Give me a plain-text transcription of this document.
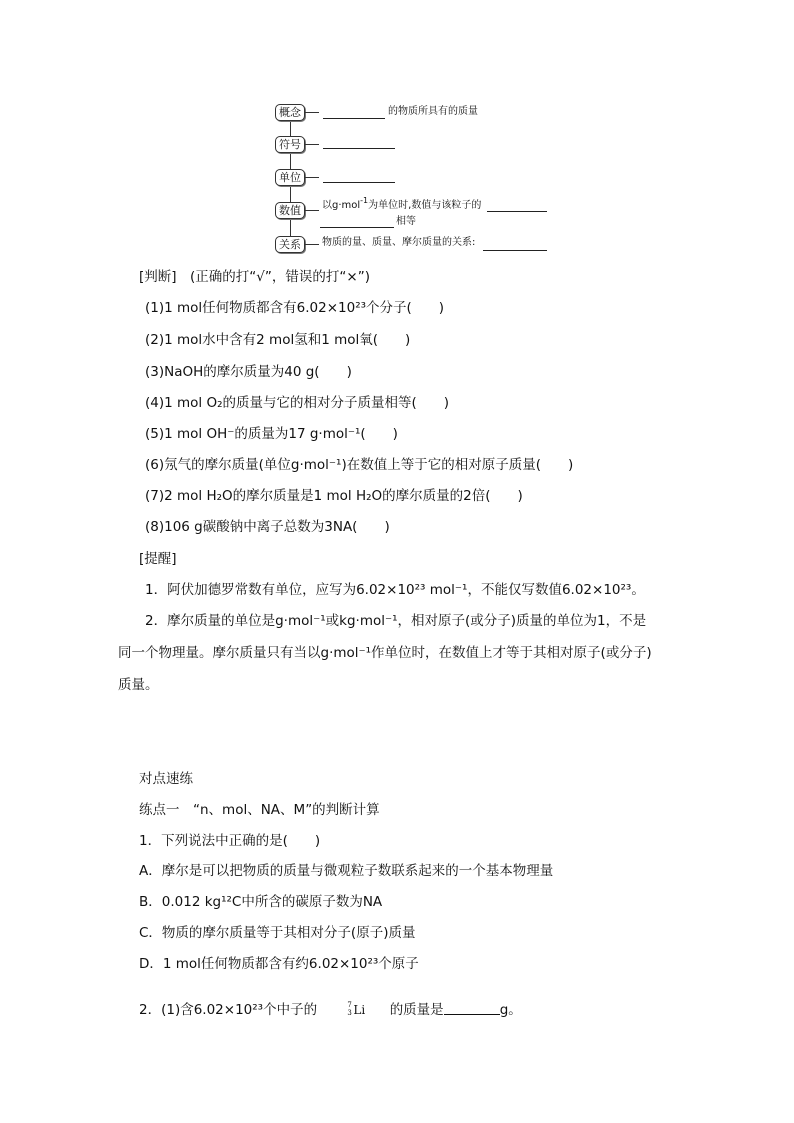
概念	的物质所具有的质量
符号
单位
数值	以g·mol$^{-1}$为单位时,数值与该粒子的
相等
关系	物质的量、质量、摩尔质量的关系:
[判断]　(正确的打“√”，错误的打“×”)
(1)1 mol任何物质都含有6.02×10²³个分子(　　)
(2)1 mol水中含有2 mol氢和1 mol氧(　　)
(3)NaOH的摩尔质量为40 g(　　)
(4)1 mol O₂的质量与它的相对分子质量相等(　　)
(5)1 mol OH⁻的质量为17 g·mol⁻¹(　　)
(6)氖气的摩尔质量(单位g·mol⁻¹)在数值上等于它的相对原子质量(　　)
(7)2 mol H₂O的摩尔质量是1 mol H₂O的摩尔质量的2倍(　　)
(8)106 g碳酸钠中离子总数为3NA(　　)
[提醒]
1．阿伏加德罗常数有单位，应写为6.02×10²³ mol⁻¹，不能仅写数值6.02×10²³。
2．摩尔质量的单位是g·mol⁻¹或kg·mol⁻¹，相对原子(或分子)质量的单位为1，不是
同一个物理量。摩尔质量只有当以g·mol⁻¹作单位时，在数值上才等于其相对原子(或分子)
质量。
对点速练
练点一　“n、mol、NA、M”的判断计算
1．下列说法中正确的是(　　)
A．摩尔是可以把物质的质量与微观粒子数联系起来的一个基本物理量
B．0.012 kg¹²C中所含的碳原子数为NA
C．物质的摩尔质量等于其相对分子(原子)质量
D．1 mol任何物质都含有约6.02×10²³个原子
2．(1)含6.02×10²³个中子的	7
3 Li 的质量是	g。
